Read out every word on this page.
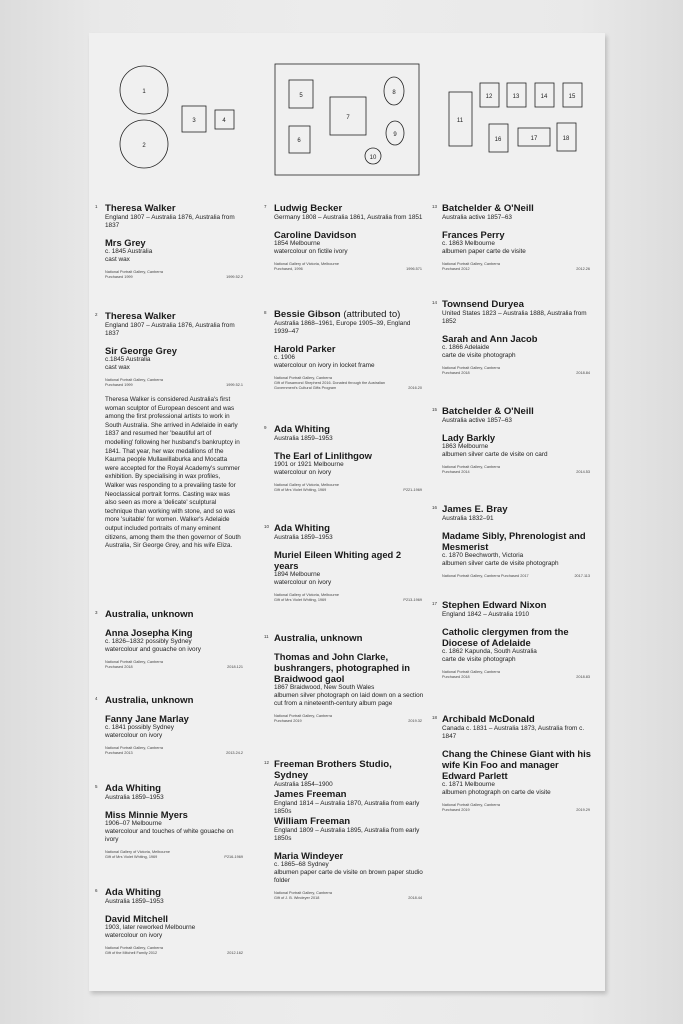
1
2
3	4
5
6
7
8
9
10
11
12	13	14	15
16	17	18
1 Theresa Walker
England 1807 – Australia 1876, Australia from 1837
Mrs Grey
c. 1845 Australia
cast wax
National Portrait Gallery, Canberra
Purchased 1999	1999.52.2
2 Theresa Walker
England 1807 – Australia 1876, Australia from 1837
Sir George Grey
c.1845 Australia
cast wax
National Portrait Gallery, Canberra
Purchased 1999	1999.52.1
Theresa Walker is considered Australia's first woman sculptor of European descent and was among the first professional artists to work in South Australia. She arrived in Adelaide in early 1837 and resumed her 'beautiful art of modelling' following her husband's bankruptcy in 1841. That year, her wax medallions of the Kaurna people Mullawillaburka and Mocatta were accepted for the Royal Academy's summer exhibition. By specialising in wax profiles, Walker was responding to a prevailing taste for Neoclassical portrait forms. Casting wax was also seen as more a 'delicate' sculptural technique than working with stone, and so was more 'suitable' for women. Walker's Adelaide output included portraits of many eminent citizens, among them the then governor of South Australia, Sir George Grey, and his wife Eliza.
3 Australia, unknown
Anna Josepha King
c. 1826–1832 possibly Sydney
watercolour and gouache on ivory
National Portrait Gallery, Canberra
Purchased 2018	2018.121
4 Australia, unknown
Fanny Jane Marlay
c. 1841 possibly Sydney
watercolour on ivory
National Portrait Gallery, Canberra
Purchased 2013	2013.24.2
5 Ada Whiting
Australia 1859–1953
Miss Minnie Myers
1906–07 Melbourne
watercolour and touches of white gouache on ivory
National Gallery of Victoria, Melbourne
Gift of Mrs Violet Whiting, 1969	P216-1969
6 Ada Whiting
Australia 1859–1953
David Mitchell
1903, later reworked Melbourne
watercolour on ivory
National Portrait Gallery, Canberra
Gift of the Mitchell Family 2012	2012.162
7 Ludwig Becker
Germany 1808 – Australia 1861, Australia from 1851
Caroline Davidson
1854 Melbourne
watercolour on fictile ivory
National Gallery of Victoria, Melbourne
Purchased, 1996	1996.571
8 Bessie Gibson (attributed to)
Australia 1868–1961, Europe 1905–39, England 1939–47
Harold Parker
c. 1906
watercolour on ivory in locket frame
National Portrait Gallery, Canberra
Gift of Rosamond Shepherd 2016. Donated through the Australian Government's Cultural Gifts Program	2016.20
9 Ada Whiting
Australia 1859–1953
The Earl of Linlithgow
1901 or 1921 Melbourne
watercolour on ivory
National Gallery of Victoria, Melbourne
Gift of Mrs Violet Whiting, 1969	P221-1969
10 Ada Whiting
Australia 1859–1953
Muriel Eileen Whiting aged 2 years
1894 Melbourne
watercolour on ivory
National Gallery of Victoria, Melbourne
Gift of Mrs Violet Whiting, 1969	P213-1969
11 Australia, unknown
Thomas and John Clarke, bushrangers, photographed in Braidwood gaol
1867 Braidwood, New South Wales
albumen silver photograph on laid down on a section cut from a nineteenth-century album page
National Portrait Gallery, Canberra
Purchased 2019	2019.32
12 Freeman Brothers Studio, Sydney
Australia 1854–1900
James Freeman
England 1814 – Australia 1870, Australia from early 1850s
William Freeman
England 1809 – Australia 1895, Australia from early 1850s
Maria Windeyer
c. 1865–68 Sydney
albumen paper carte de visite on brown paper studio folder
National Portrait Gallery, Canberra
Gift of J. B. Windeyer 2018	2018.44
13 Batchelder & O'Neill
Australia active 1857–63
Frances Perry
c. 1863 Melbourne
albumen paper carte de visite
National Portrait Gallery, Canberra
Purchased 2012	2012.26
14 Townsend Duryea
United States 1823 – Australia 1888, Australia from 1852
Sarah and Ann Jacob
c. 1866 Adelaide
carte de visite photograph
National Portrait Gallery, Canberra
Purchased 2018	2018.84
15 Batchelder & O'Neill
Australia active 1857–63
Lady Barkly
1863 Melbourne
albumen silver carte de visite on card
National Portrait Gallery, Canberra
Purchased 2014	2014.53
16 James E. Bray
Australia 1832–91
Madame Sibly, Phrenologist and Mesmerist
c. 1870 Beechworth, Victoria
albumen silver carte de visite photograph
National Portrait Gallery, Canberra Purchased 2017	2017.113
17 Stephen Edward Nixon
England 1842 – Australia 1910
Catholic clergymen from the Diocese of Adelaide
c. 1862 Kapunda, South Australia
carte de visite photograph
National Portrait Gallery, Canberra
Purchased 2018	2018.83
18 Archibald McDonald
Canada c. 1831 – Australia 1873, Australia from c. 1847
Chang the Chinese Giant with his wife Kin Foo and manager Edward Parlett
c. 1871 Melbourne
albumen photograph on carte de visite
National Portrait Gallery, Canberra
Purchased 2019	2019.29
